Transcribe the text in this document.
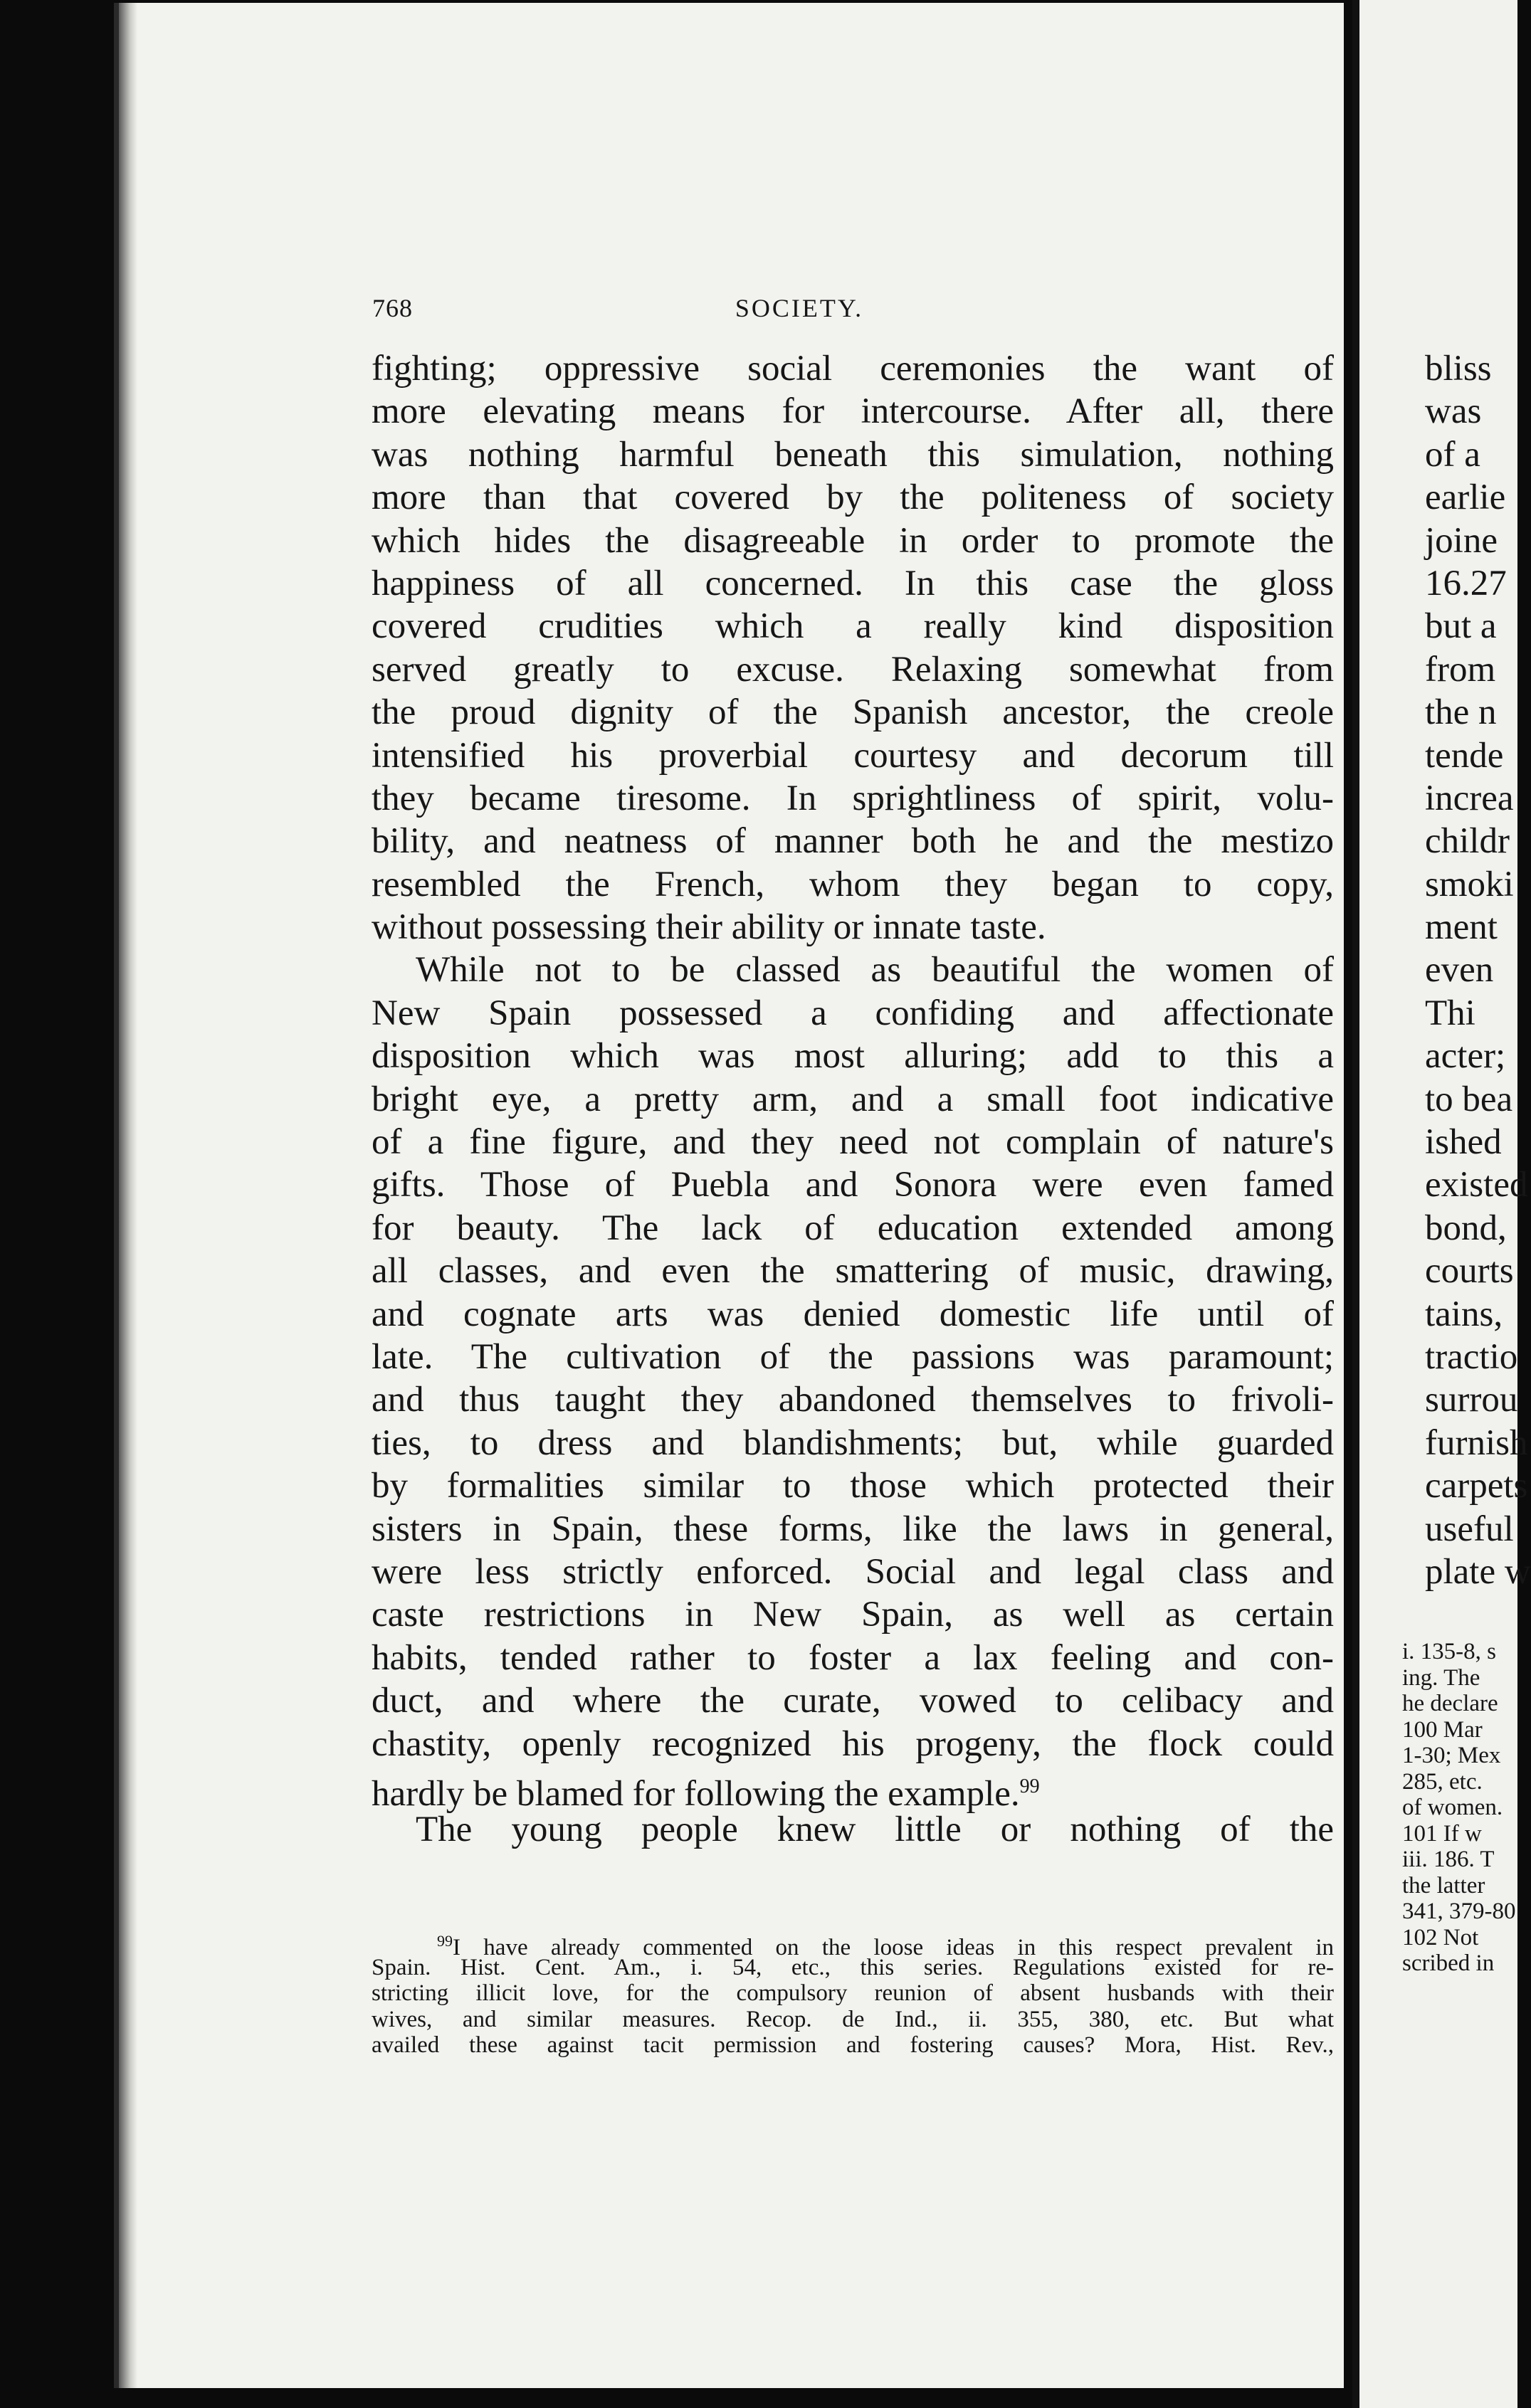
768	SOCIETY.
fighting; oppressive social ceremonies the want of
more elevating means for intercourse. After all, there
was nothing harmful beneath this simulation, nothing
more than that covered by the politeness of society
which hides the disagreeable in order to promote the
happiness of all concerned. In this case the gloss
covered crudities which a really kind disposition
served greatly to excuse. Relaxing somewhat from
the proud dignity of the Spanish ancestor, the creole
intensified his proverbial courtesy and decorum till
they became tiresome. In sprightliness of spirit, volu-
bility, and neatness of manner both he and the mestizo
resembled the French, whom they began to copy,
without possessing their ability or innate taste.
While not to be classed as beautiful the women of
New Spain possessed a confiding and affectionate
disposition which was most alluring; add to this a
bright eye, a pretty arm, and a small foot indicative
of a fine figure, and they need not complain of nature's
gifts. Those of Puebla and Sonora were even famed
for beauty. The lack of education extended among
all classes, and even the smattering of music, drawing,
and cognate arts was denied domestic life until of
late. The cultivation of the passions was paramount;
and thus taught they abandoned themselves to frivoli-
ties, to dress and blandishments; but, while guarded
by formalities similar to those which protected their
sisters in Spain, these forms, like the laws in general,
were less strictly enforced. Social and legal class and
caste restrictions in New Spain, as well as certain
habits, tended rather to foster a lax feeling and con-
duct, and where the curate, vowed to celibacy and
chastity, openly recognized his progeny, the flock could
hardly be blamed for following the example.$^{99}$
The young people knew little or nothing of the
$^{99}$I have already commented on the loose ideas in this respect prevalent in
Spain. Hist. Cent. Am., i. 54, etc., this series. Regulations existed for re-
stricting illicit love, for the compulsory reunion of absent husbands with their
wives, and similar measures. Recop. de Ind., ii. 355, 380, etc. But what
availed these against tacit permission and fostering causes? Mora, Hist. Rev.,
bliss
was
of a
earlie
joine
16.27
but a
from
the n
tende
increa
childr
smoki
ment
even
Thi
acter;
to bea
ished
existed
bond,
courts
tains,
tractio
surrou
furnish
carpets
useful
plate w
i. 135-8, s
ing. The
he declare
100 Mar
1-30; Mex
285, etc.
of women.
101 If w
iii. 186. T
the latter
341, 379-80
102 Not
scribed in
